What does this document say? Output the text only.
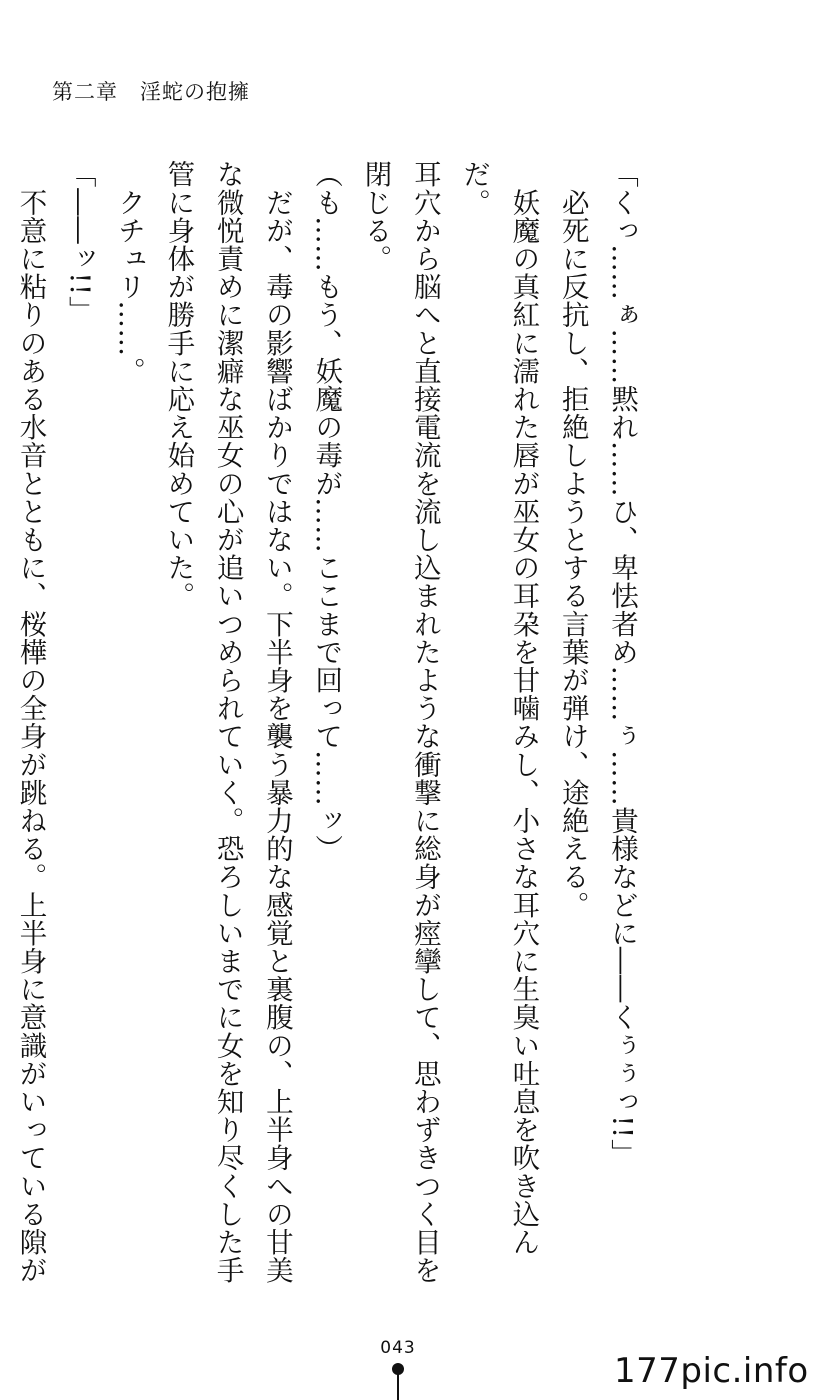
第二章　 淫蛇の抱擁

「くっ……ぁ……黙れ……ひ、卑怯者め……ぅ……貴様などに――くぅぅっ!!」

　必死に反抗し、拒絶しようとする言葉が弾け、途絶える。

　妖魔の真紅に濡れた唇が巫女の耳朶を甘噛みし、小さな耳穴に生臭い吐息を吹き込んだ。

耳穴から脳へと直接電流を流し込まれたような衝撃に総身が痙攣して、思わずきつく目を

閉じる。

（も……もう、妖魔の毒が……ここまで回って……ッ）

　だが、毒の影響ばかりではない。下半身を襲う暴力的な感覚と裏腹の、上半身への甘美

な微悦責めに潔癖な巫女の心が追いつめられていく。恐ろしいまでに女を知り尽くした手

管に身体が勝手に応え始めていた。

　クチュリ……。

「――ッ!!」

　不意に粘りのある水音とともに、桜樺の全身が跳ねる。上半身に意識がいっている隙が

043
177pic.info
